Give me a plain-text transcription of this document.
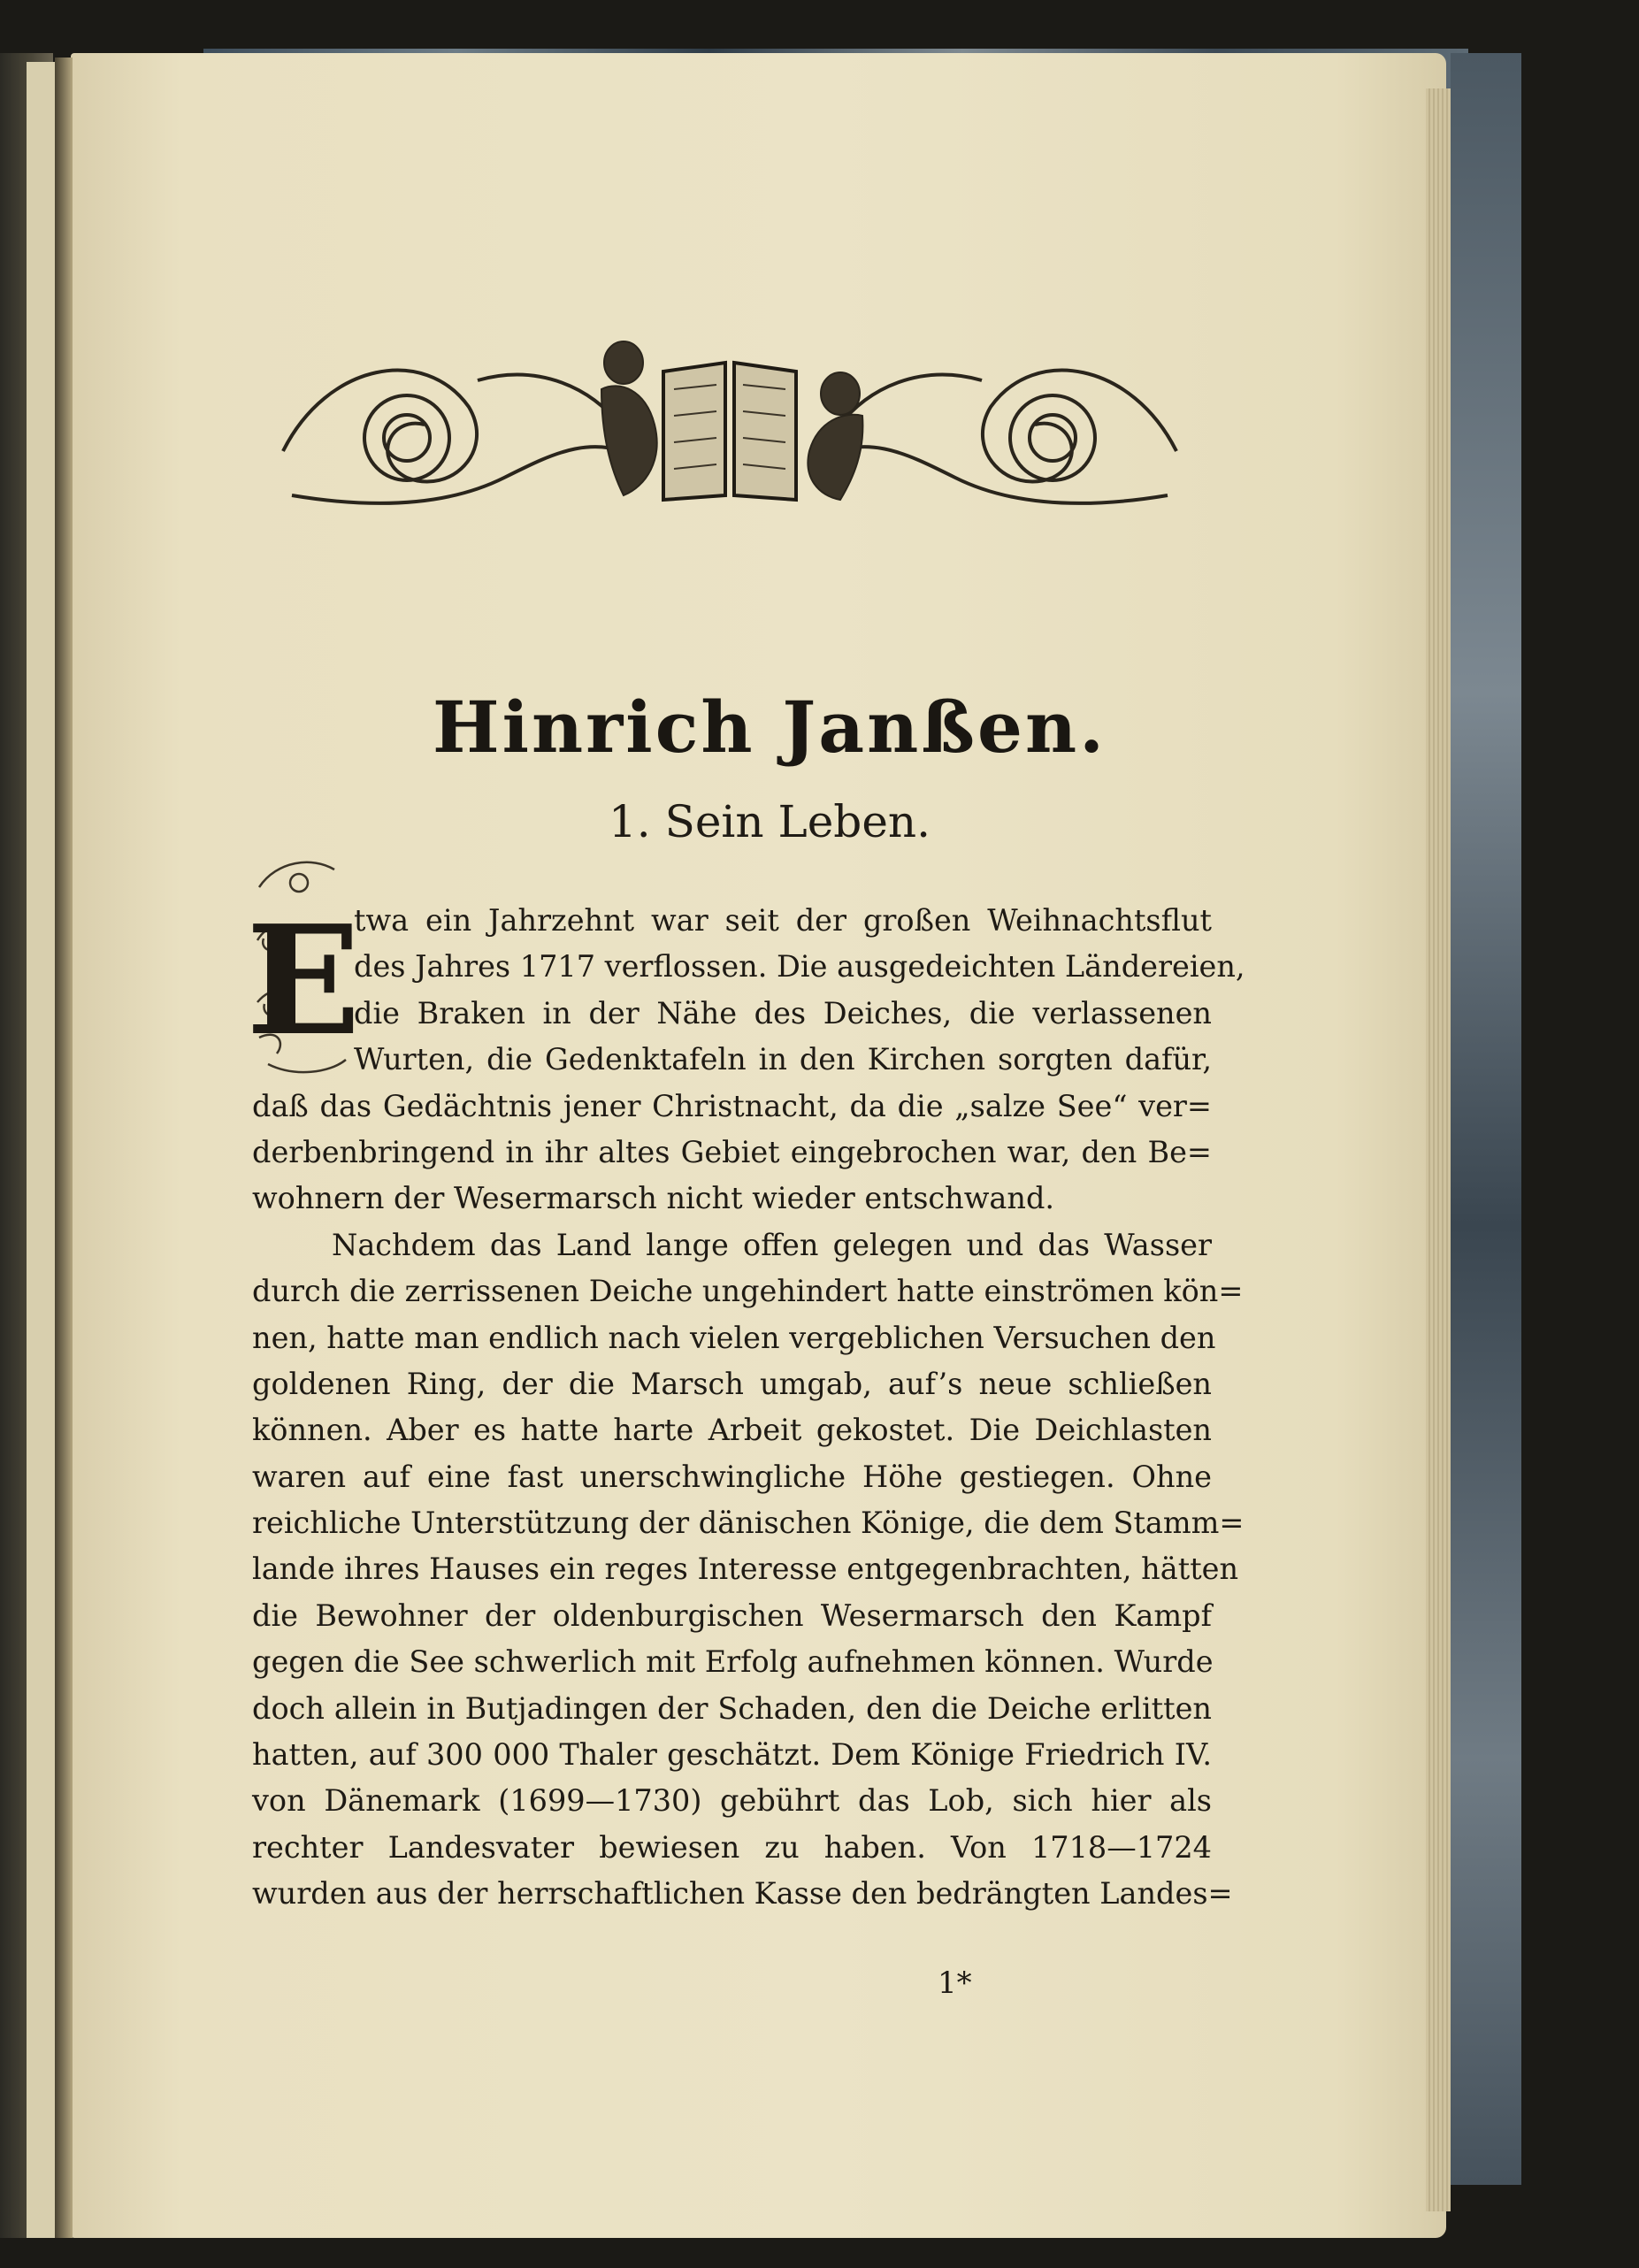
Hinrich Janßen.
1. Sein Leben.
E
twa ein Jahrzehnt war seit der großen Weihnachtsflut
des Jahres 1717 verflossen. Die ausgedeichten Ländereien,
die Braken in der Nähe des Deiches, die verlassenen
Wurten, die Gedenktafeln in den Kirchen sorgten dafür,
daß das Gedächtnis jener Christnacht, da die „salze See“ ver=
derbenbringend in ihr altes Gebiet eingebrochen war, den Be=
wohnern der Wesermarsch nicht wieder entschwand.
Nachdem das Land lange offen gelegen und das Wasser
durch die zerrissenen Deiche ungehindert hatte einströmen kön=
nen, hatte man endlich nach vielen vergeblichen Versuchen den
goldenen Ring, der die Marsch umgab, auf’s neue schließen
können. Aber es hatte harte Arbeit gekostet. Die Deichlasten
waren auf eine fast unerschwingliche Höhe gestiegen. Ohne
reichliche Unterstützung der dänischen Könige, die dem Stamm=
lande ihres Hauses ein reges Interesse entgegenbrachten, hätten
die Bewohner der oldenburgischen Wesermarsch den Kampf
gegen die See schwerlich mit Erfolg aufnehmen können. Wurde
doch allein in Butjadingen der Schaden, den die Deiche erlitten
hatten, auf 300 000 Thaler geschätzt. Dem Könige Friedrich IV.
von Dänemark (1699—1730) gebührt das Lob, sich hier als
rechter Landesvater bewiesen zu haben. Von 1718—1724
wurden aus der herrschaftlichen Kasse den bedrängten Landes=
1*
